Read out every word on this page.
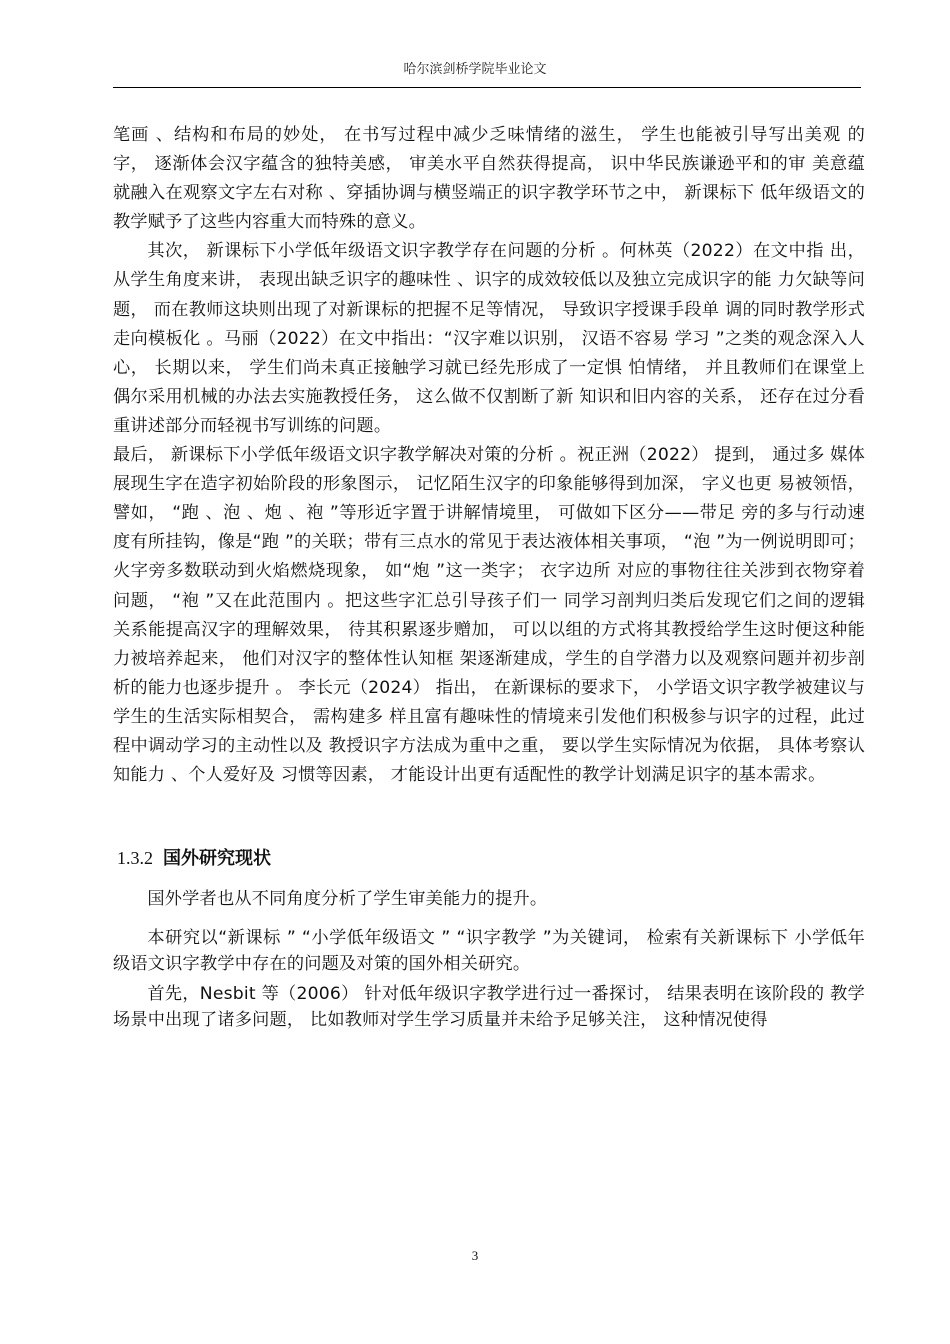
哈尔滨剑桥学院毕业论文

笔画 、结构和布局的妙处， 在书写过程中减少乏味情绪的滋生， 学生也能被引导写出美观 的字， 逐渐体会汉字蕴含的独特美感， 审美水平自然获得提高， 识中华民族谦逊平和的审 美意蕴就融入在观察文字左右对称 、穿插协调与横竖端正的识字教学环节之中， 新课标下 低年级语文的教学赋予了这些内容重大而特殊的意义。

其次， 新课标下小学低年级语文识字教学存在问题的分析 。何林英（2022）在文中指 出， 从学生角度来讲， 表现出缺乏识字的趣味性 、识字的成效较低以及独立完成识字的能 力欠缺等问题， 而在教师这块则出现了对新课标的把握不足等情况， 导致识字授课手段单 调的同时教学形式走向模板化 。马丽（2022）在文中指出：“汉字难以识别， 汉语不容易 学习 ”之类的观念深入人心， 长期以来， 学生们尚未真正接触学习就已经先形成了一定惧 怕情绪， 并且教师们在课堂上偶尔采用机械的办法去实施教授任务， 这么做不仅割断了新 知识和旧内容的关系， 还存在过分看重讲述部分而轻视书写训练的问题。

最后， 新课标下小学低年级语文识字教学解决对策的分析 。祝正洲（2022） 提到， 通过多 媒体展现生字在造字初始阶段的形象图示， 记忆陌生汉字的印象能够得到加深， 字义也更 易被领悟， 譬如， “跑 、泡 、炮 、袍 ”等形近字置于讲解情境里， 可做如下区分——带足 旁的多与行动速度有所挂钩，像是“跑 ”的关联；带有三点水的常见于表达液体相关事项， “泡 ”为一例说明即可； 火字旁多数联动到火焰燃烧现象， 如“炮 ”这一类字； 衣字边所 对应的事物往往关涉到衣物穿着问题， “袍 ”又在此范围内 。把这些字汇总引导孩子们一 同学习剖判归类后发现它们之间的逻辑关系能提高汉字的理解效果， 待其积累逐步赠加， 可以以组的方式将其教授给学生这时便这种能力被培养起来， 他们对汉字的整体性认知框 架逐渐建成，学生的自学潜力以及观察问题并初步剖析的能力也逐步提升 。 李长元（2024） 指出， 在新课标的要求下， 小学语文识字教学被建议与学生的生活实际相契合， 需构建多 样且富有趣味性的情境来引发他们积极参与识字的过程，此过程中调动学习的主动性以及 教授识字方法成为重中之重， 要以学生实际情况为依据， 具体考察认知能力 、个人爱好及 习惯等因素， 才能设计出更有适配性的教学计划满足识字的基本需求。

1.3.2 国外研究现状

国外学者也从不同角度分析了学生审美能力的提升。

本研究以“新课标 ” “小学低年级语文 ” “识字教学 ”为关键词， 检索有关新课标下 小学低年级语文识字教学中存在的问题及对策的国外相关研究。

首先，Nesbit 等（2006） 针对低年级识字教学进行过一番探讨， 结果表明在该阶段的 教学场景中出现了诸多问题， 比如教师对学生学习质量并未给予足够关注， 这种情况使得

3
